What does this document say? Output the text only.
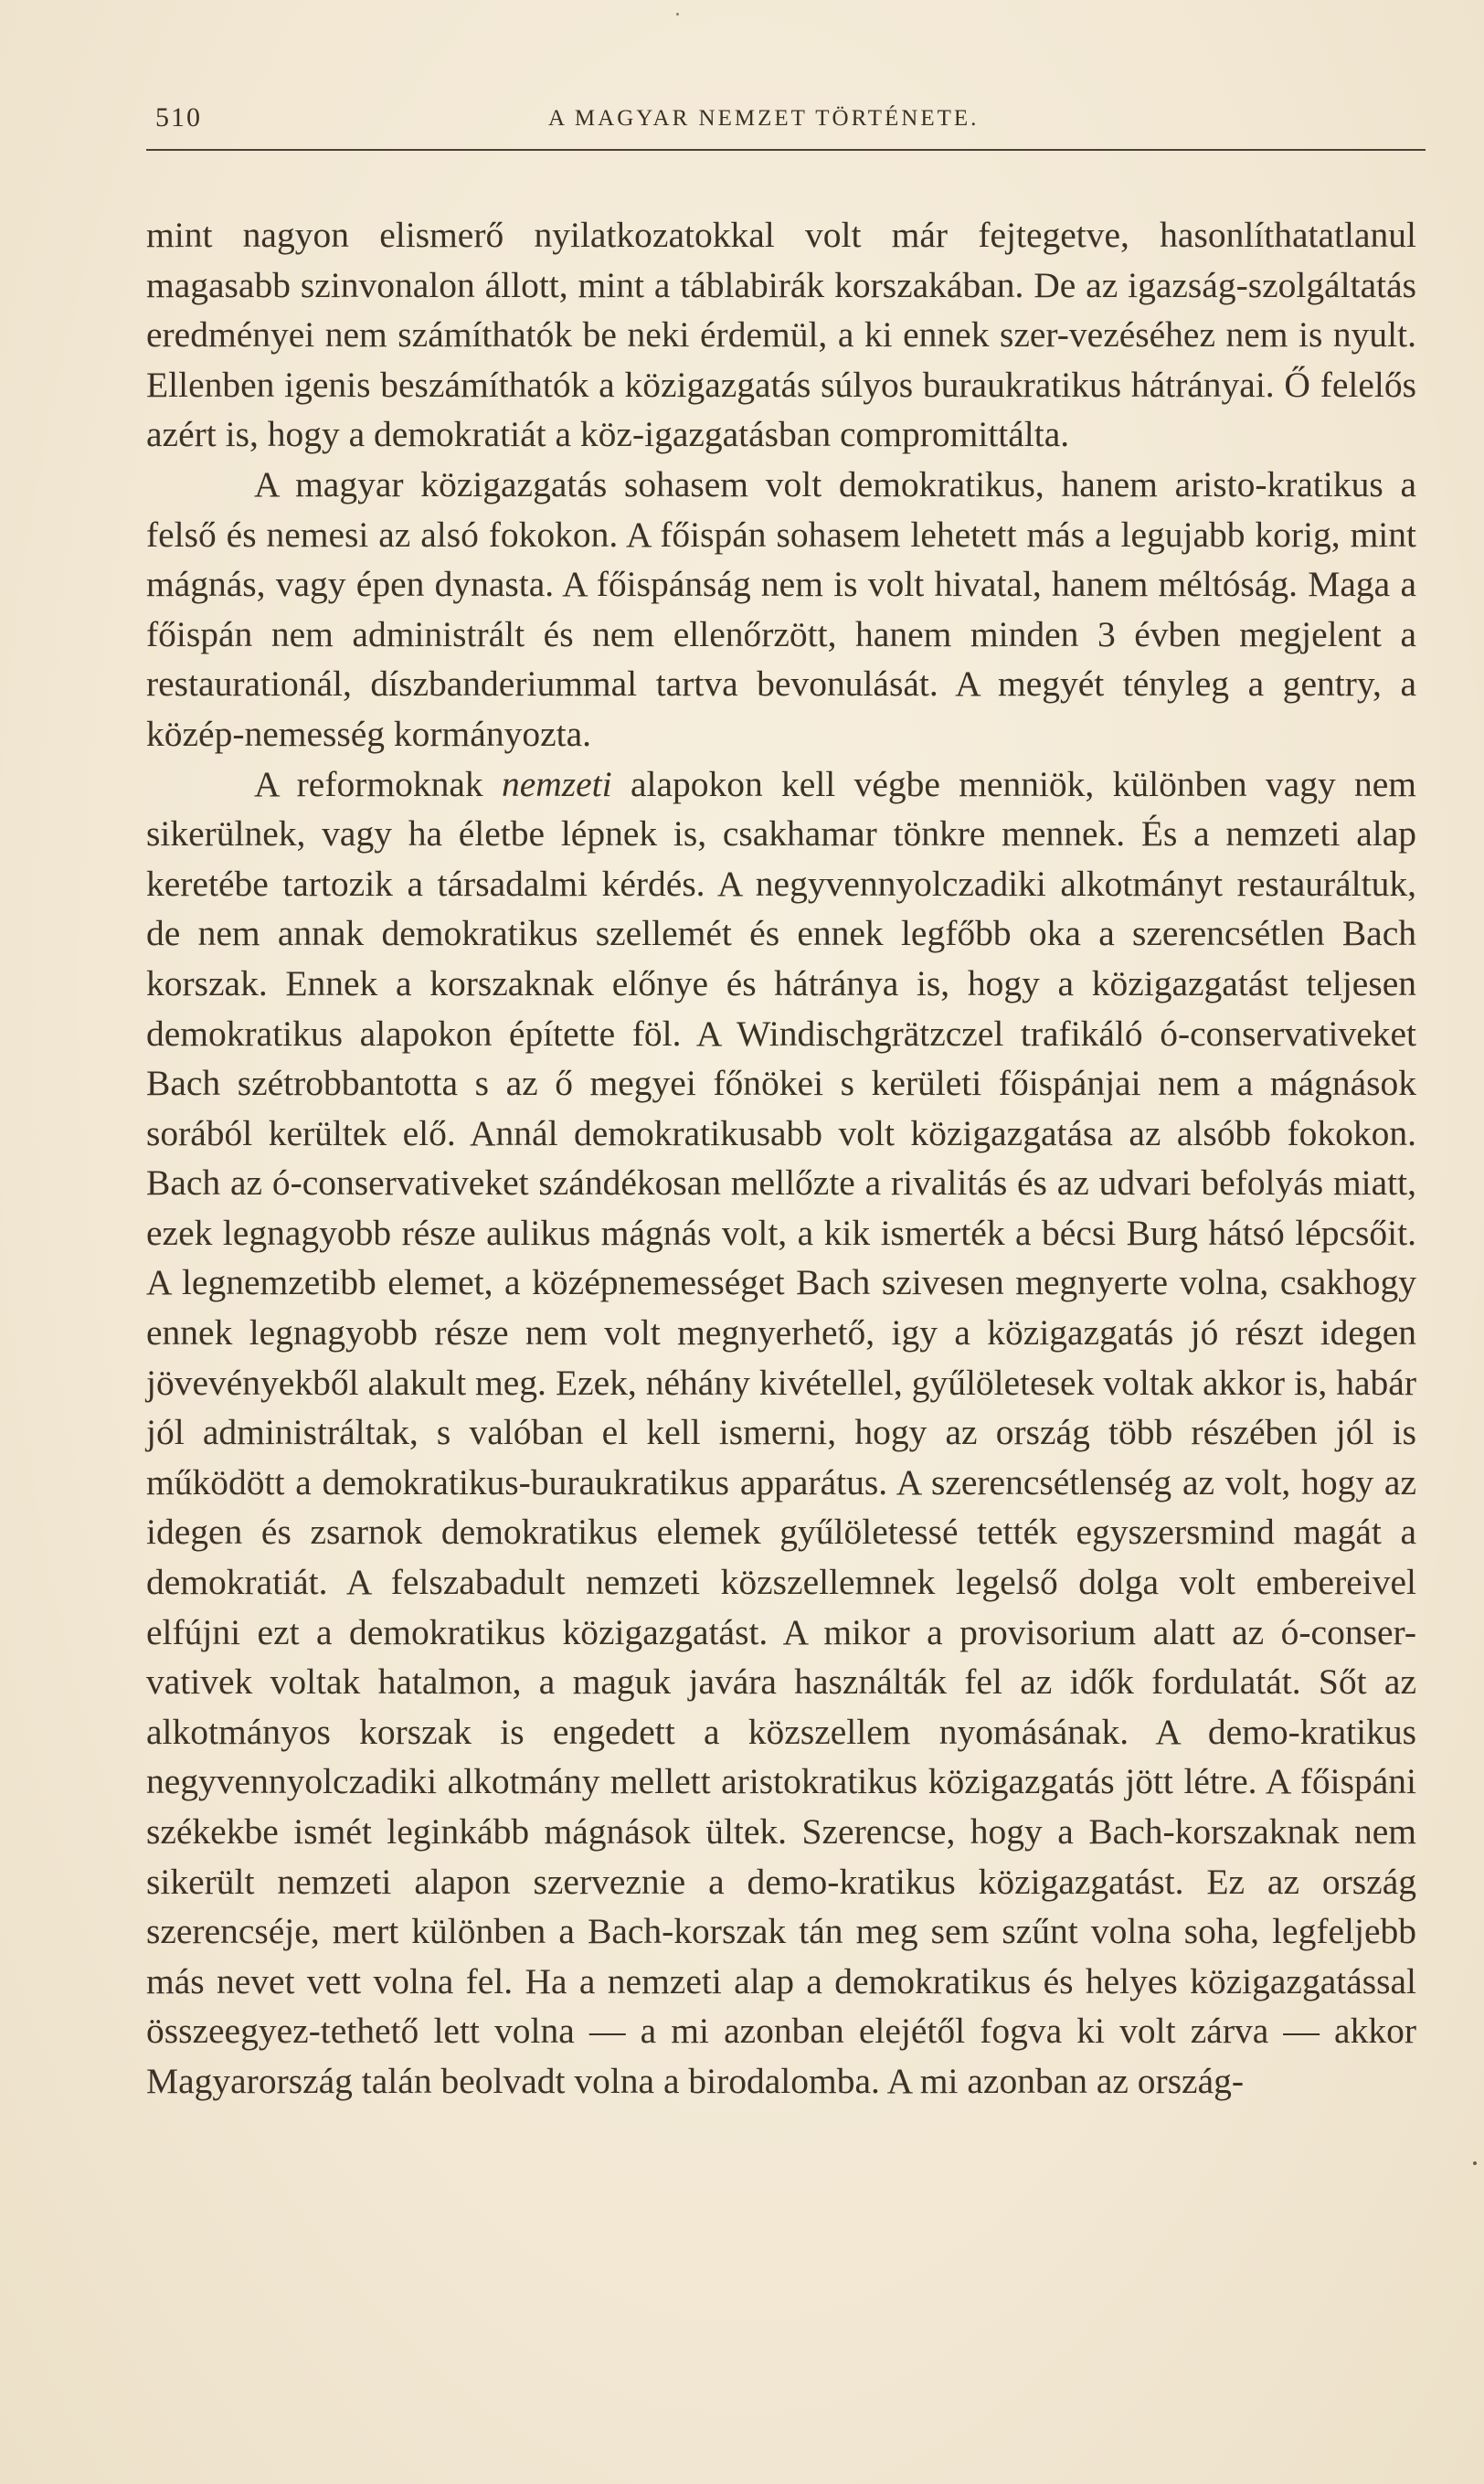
510	A MAGYAR NEMZET TÖRTÉNETE.

mint nagyon elismerő nyilatkozatokkal volt már fejtegetve, hasonlíthatatlanul magasabb szinvonalon állott, mint a táblabirák korszakában. De az igazság-szolgáltatás eredményei nem számíthatók be neki érdemül, a ki ennek szer-vezéséhez nem is nyult. Ellenben igenis beszámíthatók a közigazgatás súlyos buraukratikus hátrányai. Ő felelős azért is, hogy a demokratiát a köz-igazgatásban compromittálta.

A magyar közigazgatás sohasem volt demokratikus, hanem aristo-kratikus a felső és nemesi az alsó fokokon. A főispán sohasem lehetett más a legujabb korig, mint mágnás, vagy épen dynasta. A főispánság nem is volt hivatal, hanem méltóság. Maga a főispán nem administrált és nem ellenőrzött, hanem minden 3 évben megjelent a restaurationál, díszbanderiummal tartva bevonulását. A megyét tényleg a gentry, a közép-nemesség kormányozta.

A reformoknak nemzeti alapokon kell végbe menniök, különben vagy nem sikerülnek, vagy ha életbe lépnek is, csakhamar tönkre mennek. És a nemzeti alap keretébe tartozik a társadalmi kérdés. A negyvennyolczadiki alkotmányt restauráltuk, de nem annak demokratikus szellemét és ennek legfőbb oka a szerencsétlen Bach korszak. Ennek a korszaknak előnye és hátránya is, hogy a közigazgatást teljesen demokratikus alapokon építette föl. A Windischgrätzczel trafikáló ó-conservativeket Bach szétrobbantotta s az ő megyei főnökei s kerületi főispánjai nem a mágnások sorából kerültek elő. Annál demokratikusabb volt közigazgatása az alsóbb fokokon. Bach az ó-conservativeket szándékosan mellőzte a rivalitás és az udvari befolyás miatt, ezek legnagyobb része aulikus mágnás volt, a kik ismerték a bécsi Burg hátsó lépcsőit. A legnemzetibb elemet, a középnemességet Bach szivesen megnyerte volna, csakhogy ennek legnagyobb része nem volt megnyerhető, igy a közigazgatás jó részt idegen jövevényekből alakult meg. Ezek, néhány kivétellel, gyűlöletesek voltak akkor is, habár jól administráltak, s valóban el kell ismerni, hogy az ország több részében jól is működött a demokratikus-buraukratikus apparátus. A szerencsétlenség az volt, hogy az idegen és zsarnok demokratikus elemek gyűlöletessé tették egyszersmind magát a demokratiát. A felszabadult nemzeti közszellemnek legelső dolga volt embereivel elfújni ezt a demokratikus közigazgatást. A mikor a provisorium alatt az ó-conser-vativek voltak hatalmon, a maguk javára használták fel az idők fordulatát. Sőt az alkotmányos korszak is engedett a közszellem nyomásának. A demo-kratikus negyvennyolczadiki alkotmány mellett aristokratikus közigazgatás jött létre. A főispáni székekbe ismét leginkább mágnások ültek. Szerencse, hogy a Bach-korszaknak nem sikerült nemzeti alapon szerveznie a demo-kratikus közigazgatást. Ez az ország szerencséje, mert különben a Bach-korszak tán meg sem szűnt volna soha, legfeljebb más nevet vett volna fel. Ha a nemzeti alap a demokratikus és helyes közigazgatással összeegyez-tethető lett volna — a mi azonban elejétől fogva ki volt zárva — akkor Magyarország talán beolvadt volna a birodalomba. A mi azonban az ország-
